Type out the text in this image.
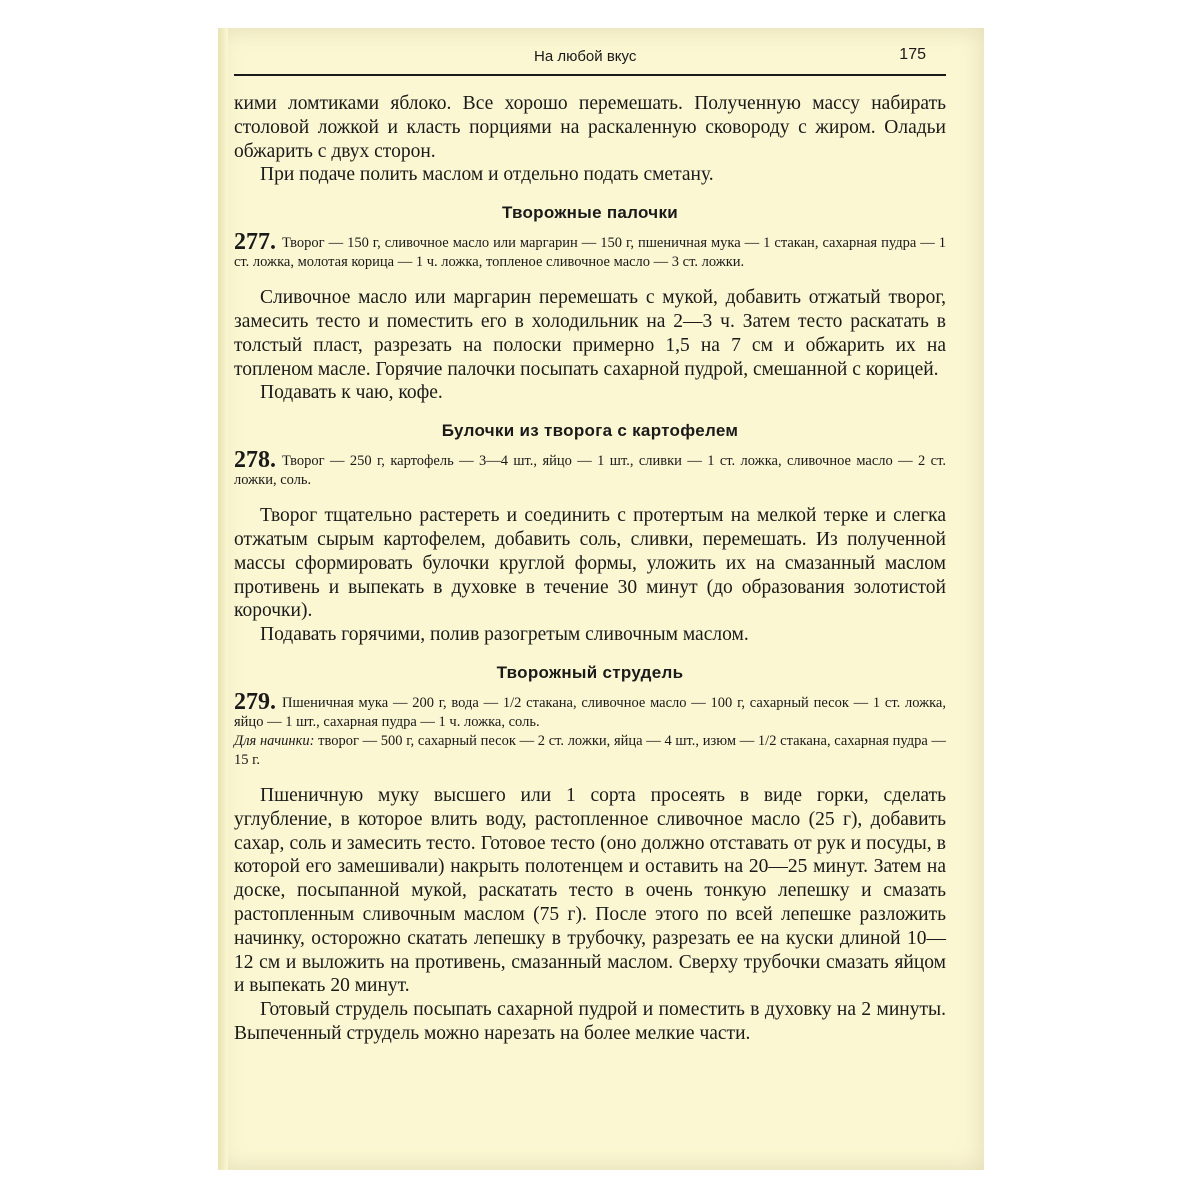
На любой вкус	175

кими ломтиками яблоко. Все хорошо перемешать. Полученную массу набирать столовой ложкой и класть порциями на раскаленную сковороду с жиром. Оладьи обжарить с двух сторон.

При подаче полить маслом и отдельно подать сметану.

Творожные палочки

277. Творог — 150 г, сливочное масло или маргарин — 150 г, пшеничная мука — 1 стакан, сахарная пудра — 1 ст. ложка, молотая корица — 1 ч. ложка, топленое сливочное масло — 3 ст. ложки.

Сливочное масло или маргарин перемешать с мукой, добавить отжатый творог, замесить тесто и поместить его в холодильник на 2—3 ч. Затем тесто раскатать в толстый пласт, разрезать на полоски примерно 1,5 на 7 см и обжарить их на топленом масле. Горячие палочки посыпать сахарной пудрой, смешанной с корицей.

Подавать к чаю, кофе.

Булочки из творога с картофелем

278. Творог — 250 г, картофель — 3—4 шт., яйцо — 1 шт., сливки — 1 ст. ложка, сливочное масло — 2 ст. ложки, соль.

Творог тщательно растереть и соединить с протертым на мелкой терке и слегка отжатым сырым картофелем, добавить соль, сливки, перемешать. Из полученной массы сформировать булочки круглой формы, уложить их на смазанный маслом противень и выпекать в духовке в течение 30 минут (до образования золотистой корочки).

Подавать горячими, полив разогретым сливочным маслом.

Творожный струдель

279. Пшеничная мука — 200 г, вода — 1/2 стакана, сливочное масло — 100 г, сахарный песок — 1 ст. ложка, яйцо — 1 шт., сахарная пудра — 1 ч. ложка, соль.

Для начинки: творог — 500 г, сахарный песок — 2 ст. ложки, яйца — 4 шт., изюм — 1/2 стакана, сахарная пудра — 15 г.

Пшеничную муку высшего или 1 сорта просеять в виде горки, сделать углубление, в которое влить воду, растопленное сливочное масло (25 г), добавить сахар, соль и замесить тесто. Готовое тесто (оно должно отставать от рук и посуды, в которой его замешивали) накрыть полотенцем и оставить на 20—25 минут. Затем на доске, посыпанной мукой, раскатать тесто в очень тонкую лепешку и смазать растопленным сливочным маслом (75 г). После этого по всей лепешке разложить начинку, осторожно скатать лепешку в трубочку, разрезать ее на куски длиной 10—12 см и выложить на противень, смазанный маслом. Сверху трубочки смазать яйцом и выпекать 20 минут.

Готовый струдель посыпать сахарной пудрой и поместить в духовку на 2 минуты. Выпеченный струдель можно нарезать на более мелкие части.
